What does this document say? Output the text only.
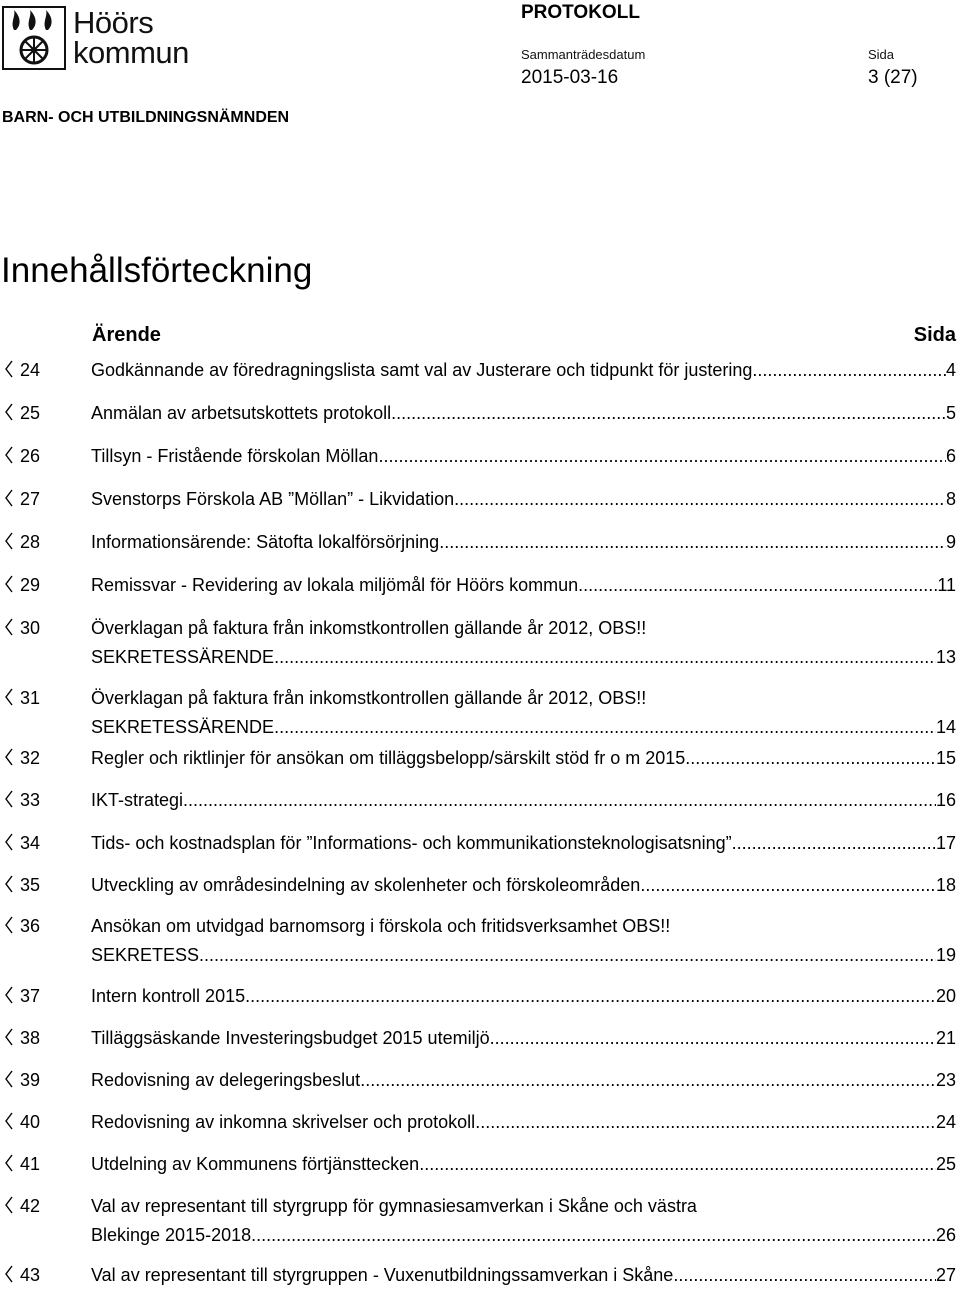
Höörs
kommun
PROTOKOLL
Sammanträdesdatum
2015-03-16
Sida
3 (27)
BARN- OCH UTBILDNINGSNÄMNDEN
Innehållsförteckning
Ärende	Sida
24	Godkännande av föredragningslista samt val av Justerare och tidpunkt för justering .....	4
25	Anmälan av arbetsutskottets protokoll .....	5
26	Tillsyn - Fristående förskolan Möllan .....	6
27	Svenstorps Förskola AB ”Möllan” - Likvidation .....	8
28	Informationsärende: Sätofta lokalförsörjning .....	9
29	Remissvar - Revidering av lokala miljömål för Höörs kommun. .....	11
30	Överklagan på faktura från inkomstkontrollen gällande år 2012, OBS!!
SEKRETESSÄRENDE .....	13
31	Överklagan på faktura från inkomstkontrollen gällande år 2012, OBS!!
SEKRETESSÄRENDE .....	14
32	Regler och riktlinjer för ansökan om tilläggsbelopp/särskilt stöd fr o m 2015 .....	15
33	IKT-strategi .....	16
34	Tids- och kostnadsplan för ”Informations- och kommunikationsteknologisatsning” .....	17
35	Utveckling av områdesindelning av skolenheter och förskoleområden .....	18
36	Ansökan om utvidgad barnomsorg i förskola och fritidsverksamhet OBS!!
SEKRETESS .....	19
37	Intern kontroll 2015 .....	20
38	Tilläggsäskande Investeringsbudget 2015 utemiljö .....	21
39	Redovisning av delegeringsbeslut .....	23
40	Redovisning av inkomna skrivelser och protokoll .....	24
41	Utdelning av Kommunens förtjänsttecken .....	25
42	Val av representant till styrgrupp för gymnasiesamverkan i Skåne och västra
Blekinge 2015-2018 .....	26
43	Val av representant till styrgruppen - Vuxenutbildningssamverkan i Skåne .....	27
